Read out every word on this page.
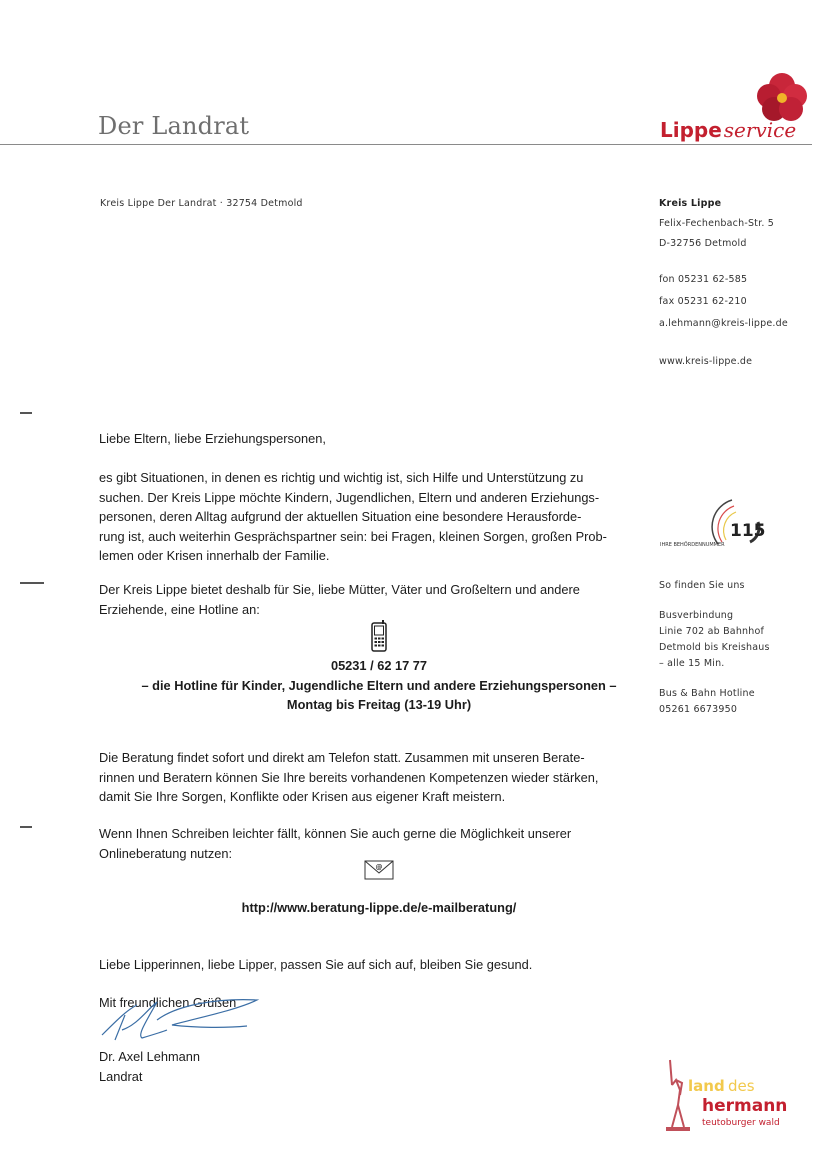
Der Landrat	Lippe service
Kreis Lippe Der Landrat · 32754 Detmold	Kreis Lippe
Felix-Fechenbach-Str. 5
D-32756 Detmold
fon 05231 62-585
fax 05231 62-210
a.lehmann@kreis-lippe.de
www.kreis-lippe.de
115
IHRE BEHÖRDENNUMMER
So finden Sie uns
Busverbindung
Linie 702 ab Bahnhof
Detmold bis Kreishaus
– alle 15 Min.
Bus & Bahn Hotline
05261 6673950
Liebe Eltern, liebe Erziehungspersonen,
es gibt Situationen, in denen es richtig und wichtig ist, sich Hilfe und Unterstützung zu
suchen. Der Kreis Lippe möchte Kindern, Jugendlichen, Eltern und anderen Erziehungs-
personen, deren Alltag aufgrund der aktuellen Situation eine besondere Herausforde-
rung ist, auch weiterhin Gesprächspartner sein: bei Fragen, kleinen Sorgen, großen Prob-
lemen oder Krisen innerhalb der Familie.
Der Kreis Lippe bietet deshalb für Sie, liebe Mütter, Väter und Großeltern und andere
Erziehende, eine Hotline an:
05231 / 62 17 77
– die Hotline für Kinder, Jugendliche Eltern und andere Erziehungspersonen –
Montag bis Freitag (13-19 Uhr)
Die Beratung findet sofort und direkt am Telefon statt. Zusammen mit unseren Berate-
rinnen und Beratern können Sie Ihre bereits vorhandenen Kompetenzen wieder stärken,
damit Sie Ihre Sorgen, Konflikte oder Krisen aus eigener Kraft meistern.
Wenn Ihnen Schreiben leichter fällt, können Sie auch gerne die Möglichkeit unserer
Onlineberatung nutzen:
@
http://www.beratung-lippe.de/e-mailberatung/
Liebe Lipperinnen, liebe Lipper, passen Sie auf sich auf, bleiben Sie gesund.
Mit freundlichen Grüßen
Dr. Axel Lehmann
Landrat
land des
hermann
teutoburger wald
